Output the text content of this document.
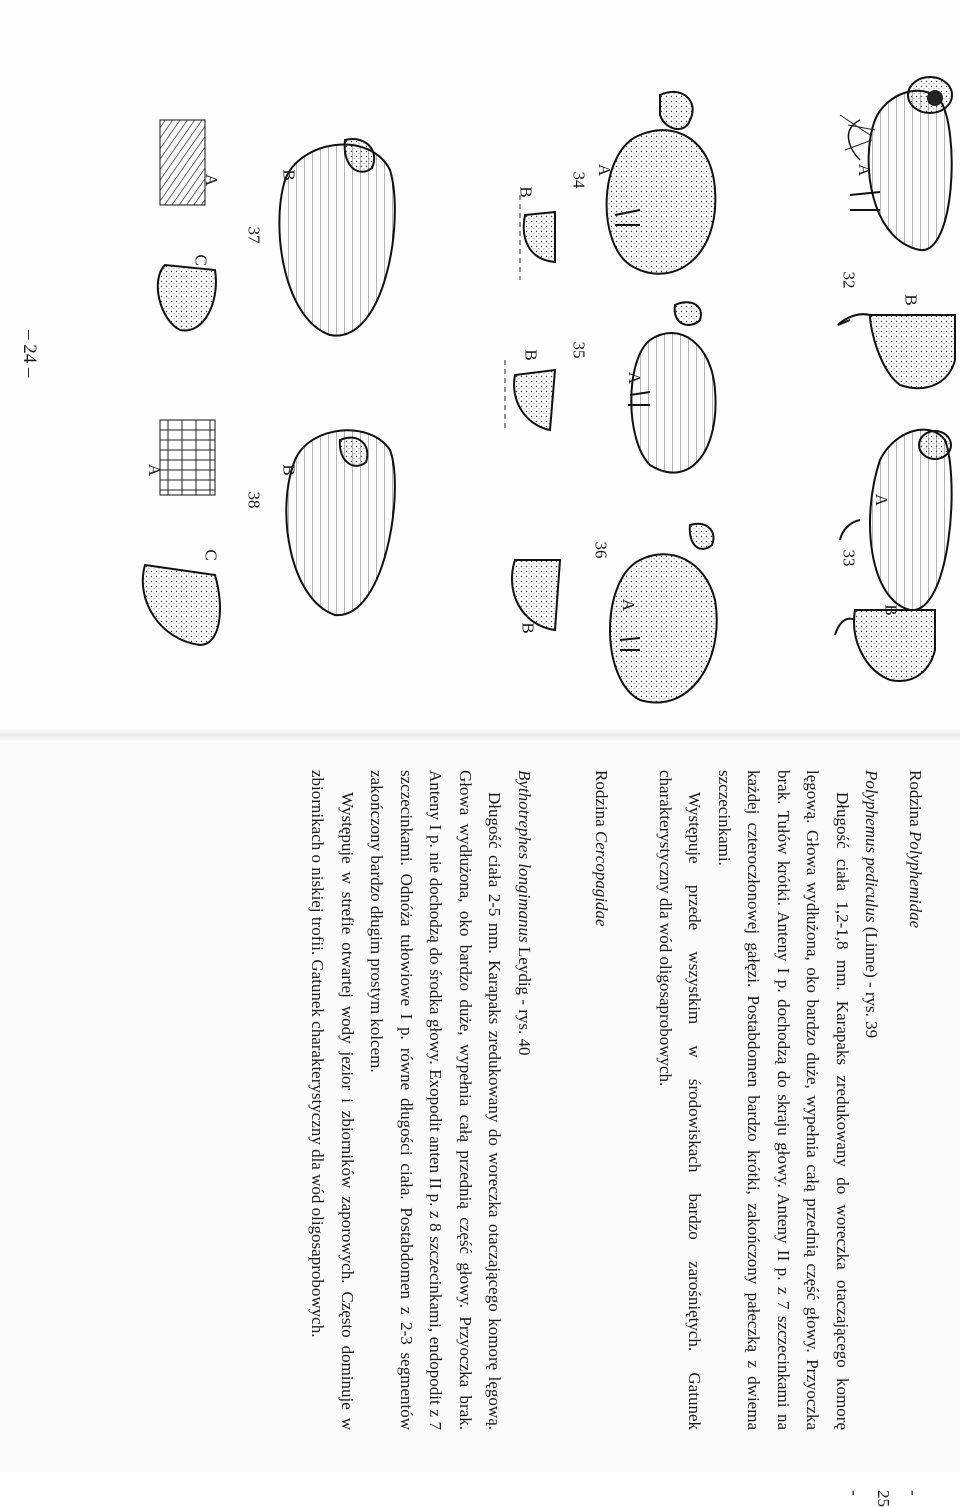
32
33
34
35
36
37
38
A
B
A
B
A
B
A
B
A
B
A	B
C
A	B
C
– 24 –
- 25 -

Rodzina Polyphemidae

Polyphemus pediculus (Linne) - rys. 39

Długość ciała 1,2-1,8 mm. Karapaks zredukowany do woreczka otaczającego komorę lęgową. Głowa wydłużona, oko bardzo duże, wypełnia całą przednią część głowy. Przyoczka brak. Tułów krótki. Anteny I p. dochodzą do skraju głowy. Anteny II p. z 7 szczecinkami na każdej czteroczłonowej gałęzi. Postabdomen bardzo krótki, zakończony pałeczką z dwiema szczecinkami.

Występuje przede wszystkim w środowiskach bardzo zarośniętych. Gatunek charakterystyczny dla wód oligosaprobowych.

Rodzina Cercopagidae

Bythotrephes longimanus Leydig - rys. 40

Długość ciała 2-5 mm. Karapaks zredukowany do woreczka otaczającego komorę lęgową. Głowa wydłużona, oko bardzo duże, wypełnia całą przednią część głowy. Przyoczka brak. Anteny I p. nie dochodzą do środka głowy. Exopodit anten II p. z 8 szczecinkami, endopodit z 7 szczecinkami. Odnóża tułowiowe I p. równe długości ciała. Postabdomen z 2-3 segmentów zakończony bardzo długim prostym kolcem.

Występuje w strefie otwartej wody jezior i zbiorników zaporowych. Często dominuje w zbiornikach o niskiej trofii. Gatunek charakterystyczny dla wód oligosaprobowych.
